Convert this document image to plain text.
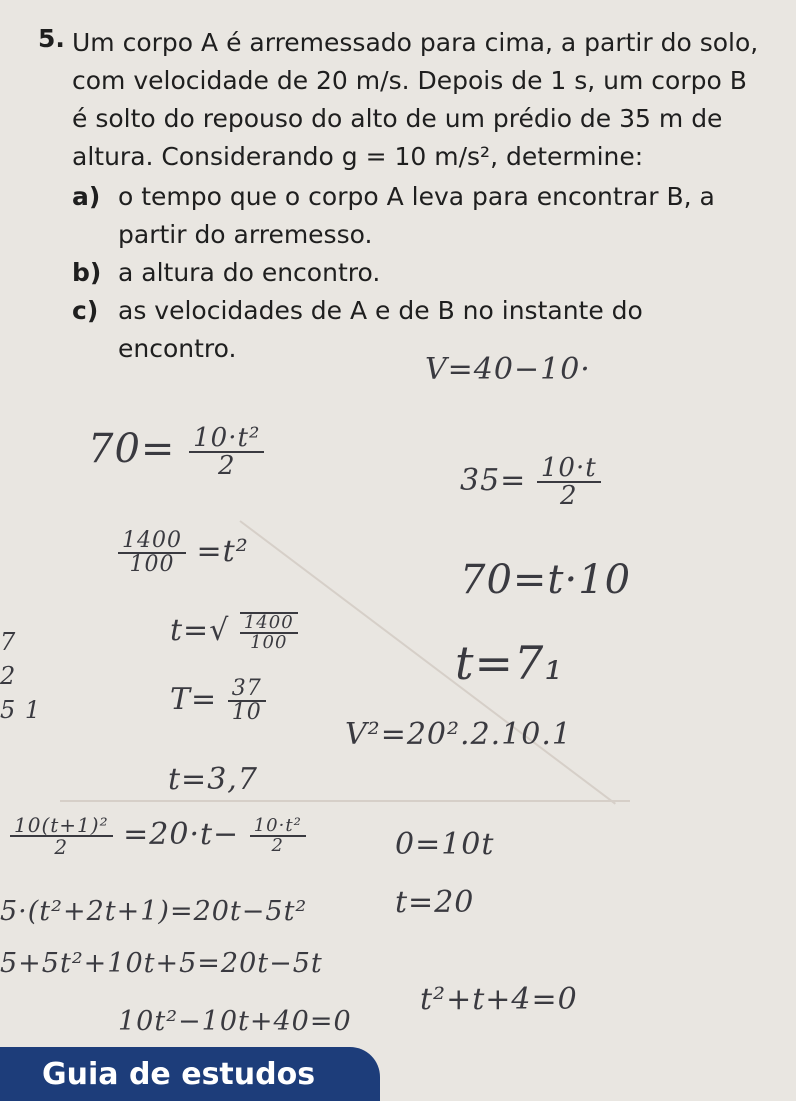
5. Um corpo A é arremessado para cima, a partir do solo,
com velocidade de 20 m/s. Depois de 1 s, um corpo B
é solto do repouso do alto de um prédio de 35 m de
altura. Considerando g = 10 m/s², determine:
a) o tempo que o corpo A leva para encontrar B, a
partir do arremesso.
b) a altura do encontro.
c) as velocidades de A e de B no instante do encontro.
V=40−10·
$70= \frac{\text{10·t²}}{2}$
$35= \frac{10\cdot t}{2}$
$\frac{1400}{100} =t^2$
70=t·10
$t=√ \frac{1400}{100}$
t=7₁
7
2
5 1	$T= \frac{37}{10}$
V²=20².2.10.1
t=3,7
$\frac{\text{10(t+1)²}}{2} =20\cdot t- \frac{\text{10·t²}}{2}$	0=10t
5·(t²+2t+1)=20t−5t²	t=20
5+5t²+10t+5=20t−5t
10t²−10t+40=0
t²+t+4=0
Guia de estudos
